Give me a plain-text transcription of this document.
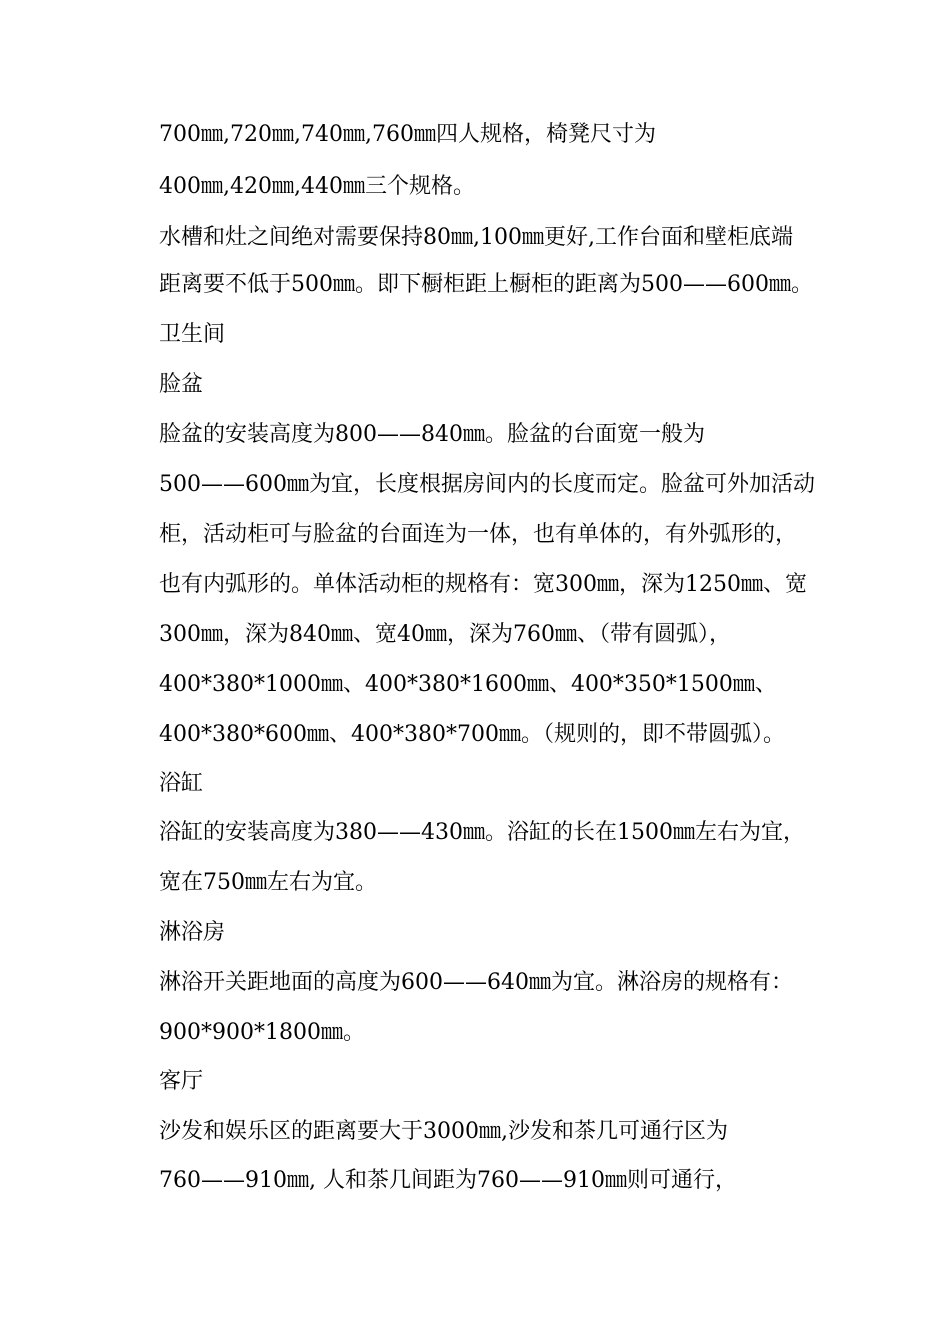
700㎜,720㎜,740㎜,760㎜四人规格，椅凳尺寸为
400㎜,420㎜,440㎜三个规格。
水槽和灶之间绝对需要保持80㎜,100㎜更好,工作台面和壁柜底端
距离要不低于500㎜。即下橱柜距上橱柜的距离为500——600㎜。
卫生间
脸盆
脸盆的安装高度为800——840㎜。脸盆的台面宽一般为
500——600㎜为宜，长度根据房间内的长度而定。脸盆可外加活动
柜，活动柜可与脸盆的台面连为一体，也有单体的，有外弧形的，
也有内弧形的。单体活动柜的规格有：宽300㎜，深为1250㎜、宽
300㎜，深为840㎜、宽40㎜，深为760㎜、（带有圆弧），
400*380*1000㎜、400*380*1600㎜、400*350*1500㎜、
400*380*600㎜、400*380*700㎜。（规则的，即不带圆弧）。
浴缸
浴缸的安装高度为380——430㎜。浴缸的长在1500㎜左右为宜，
宽在750㎜左右为宜。
淋浴房
淋浴开关距地面的高度为600——640㎜为宜。淋浴房的规格有：
900*900*1800㎜。
客厅
沙发和娱乐区的距离要大于3000㎜,沙发和茶几可通行区为
760——910㎜, 人和茶几间距为760——910㎜则可通行，
